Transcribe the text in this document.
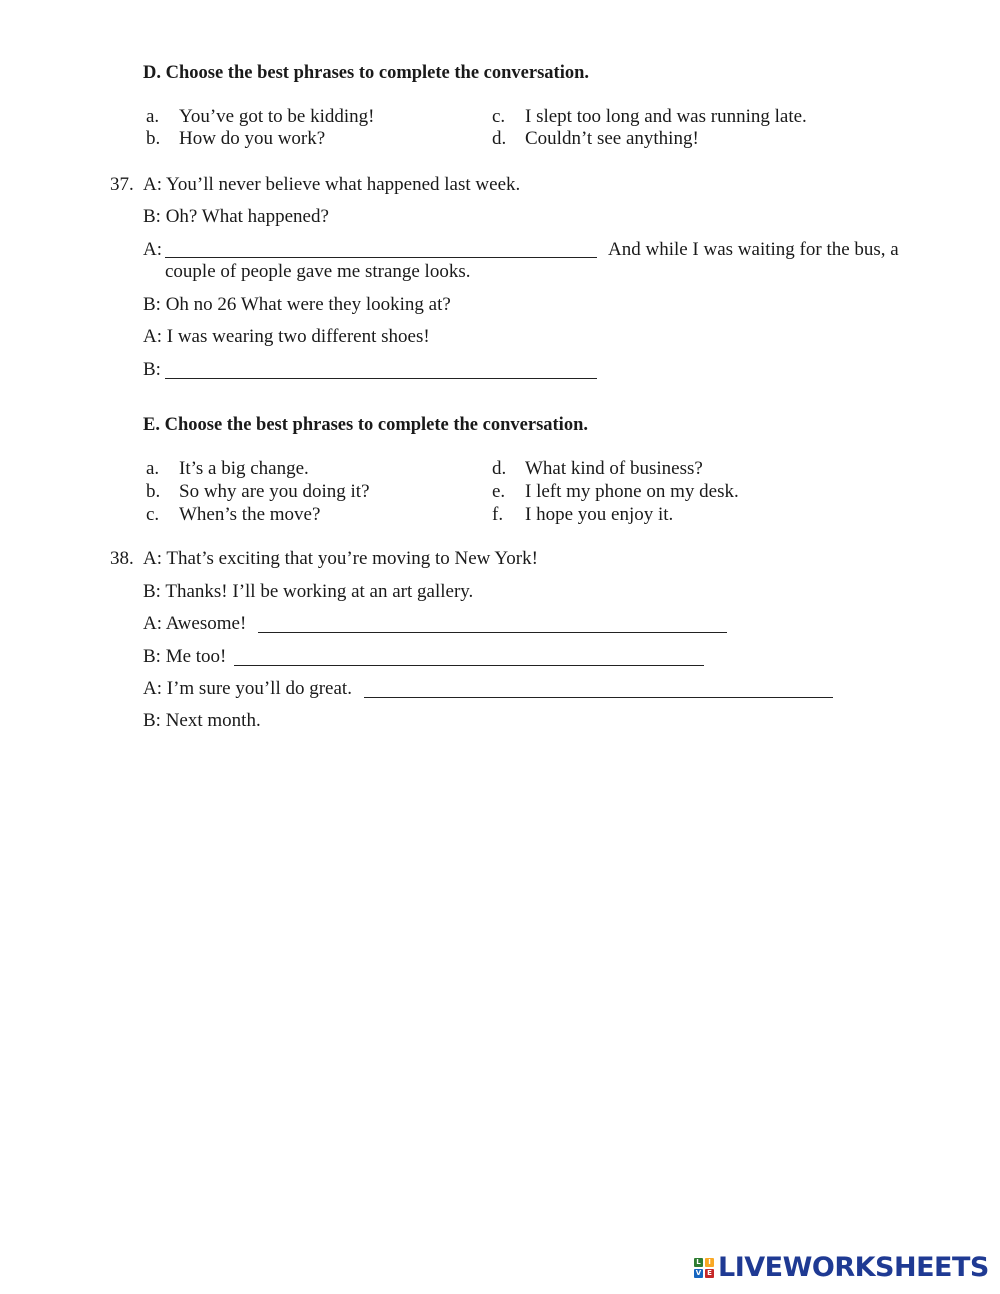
D. Choose the best phrases to complete the conversation.
a. You’ve got to be kidding!
b. How do you work?
c. I slept too long and was running late.
d. Couldn’t see anything!
37. A: You’ll never believe what happened last week.
B: Oh? What happened?
A:	And while I was waiting for the bus, a
couple of people gave me strange looks.
B: Oh no 26 What were they looking at?
A: I was wearing two different shoes!
B:
E. Choose the best phrases to complete the conversation.
a. It’s a big change.
b. So why are you doing it?
c. When’s the move?
d. What kind of business?
e. I left my phone on my desk.
f. I hope you enjoy it.
38. A: That’s exciting that you’re moving to New York!
B: Thanks! I’ll be working at an art gallery.
A: Awesome!
B: Me too!
A: I’m sure you’ll do great.
B: Next month.
L	I
V E LIVEWORKSHEETS
